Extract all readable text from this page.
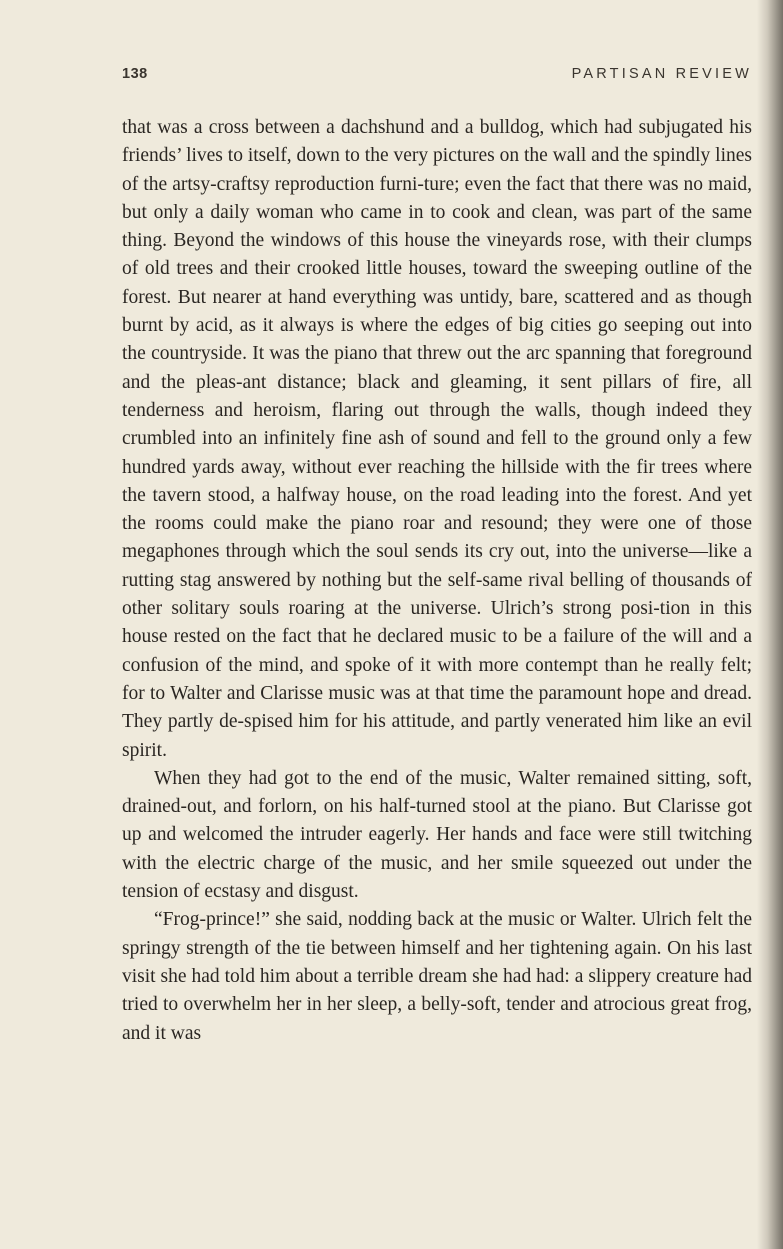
138	PARTISAN REVIEW

that was a cross between a dachshund and a bulldog, which had subjugated his friends’ lives to itself, down to the very pictures on the wall and the spindly lines of the artsy-craftsy reproduction furni-ture; even the fact that there was no maid, but only a daily woman who came in to cook and clean, was part of the same thing. Beyond the windows of this house the vineyards rose, with their clumps of old trees and their crooked little houses, toward the sweeping outline of the forest. But nearer at hand everything was untidy, bare, scattered and as though burnt by acid, as it always is where the edges of big cities go seeping out into the countryside. It was the piano that threw out the arc spanning that foreground and the pleas-ant distance; black and gleaming, it sent pillars of fire, all tenderness and heroism, flaring out through the walls, though indeed they crumbled into an infinitely fine ash of sound and fell to the ground only a few hundred yards away, without ever reaching the hillside with the fir trees where the tavern stood, a halfway house, on the road leading into the forest. And yet the rooms could make the piano roar and resound; they were one of those megaphones through which the soul sends its cry out, into the universe—like a rutting stag answered by nothing but the self-same rival belling of thousands of other solitary souls roaring at the universe. Ulrich’s strong posi-tion in this house rested on the fact that he declared music to be a failure of the will and a confusion of the mind, and spoke of it with more contempt than he really felt; for to Walter and Clarisse music was at that time the paramount hope and dread. They partly de-spised him for his attitude, and partly venerated him like an evil spirit.

When they had got to the end of the music, Walter remained sitting, soft, drained-out, and forlorn, on his half-turned stool at the piano. But Clarisse got up and welcomed the intruder eagerly. Her hands and face were still twitching with the electric charge of the music, and her smile squeezed out under the tension of ecstasy and disgust.

“Frog-prince!” she said, nodding back at the music or Walter. Ulrich felt the springy strength of the tie between himself and her tightening again. On his last visit she had told him about a terrible dream she had had: a slippery creature had tried to overwhelm her in her sleep, a belly-soft, tender and atrocious great frog, and it was
